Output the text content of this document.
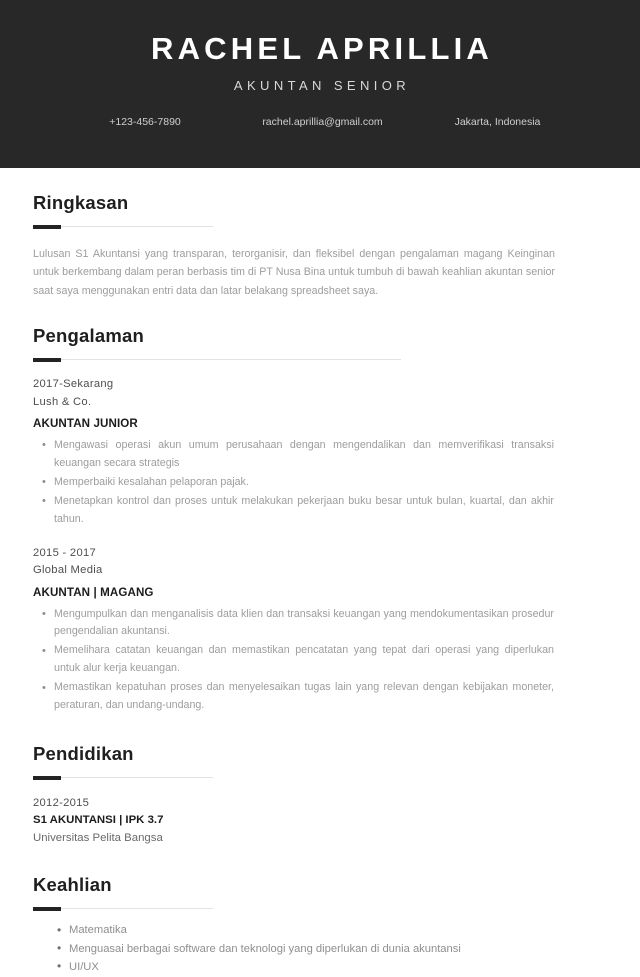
RACHEL APRILLIA
AKUNTAN SENIOR
+123-456-7890	rachel.aprillia@gmail.com	Jakarta, Indonesia
Ringkasan
Lulusan S1 Akuntansi yang transparan, terorganisir, dan fleksibel dengan pengalaman magang Keinginan untuk berkembang dalam peran berbasis tim di PT Nusa Bina untuk tumbuh di bawah keahlian akuntan senior saat saya menggunakan entri data dan latar belakang spreadsheet saya.
Pengalaman
2017-Sekarang
Lush & Co.
AKUNTAN JUNIOR
• Mengawasi operasi akun umum perusahaan dengan mengendalikan dan memverifikasi transaksi keuangan secara strategis
• Memperbaiki kesalahan pelaporan pajak.
• Menetapkan kontrol dan proses untuk melakukan pekerjaan buku besar untuk bulan, kuartal, dan akhir tahun.
2015 - 2017
Global Media
AKUNTAN | MAGANG
• Mengumpulkan dan menganalisis data klien dan transaksi keuangan yang mendokumentasikan prosedur pengendalian akuntansi.
• Memelihara catatan keuangan dan memastikan pencatatan yang tepat dari operasi yang diperlukan untuk alur kerja keuangan.
• Memastikan kepatuhan proses dan menyelesaikan tugas lain yang relevan dengan kebijakan moneter, peraturan, dan undang-undang.
Pendidikan
2012-2015
S1 AKUNTANSI | IPK 3.7
Universitas Pelita Bangsa
Keahlian
• Matematika
• Menguasai berbagai software dan teknologi yang diperlukan di dunia akuntansi
• UI/UX
